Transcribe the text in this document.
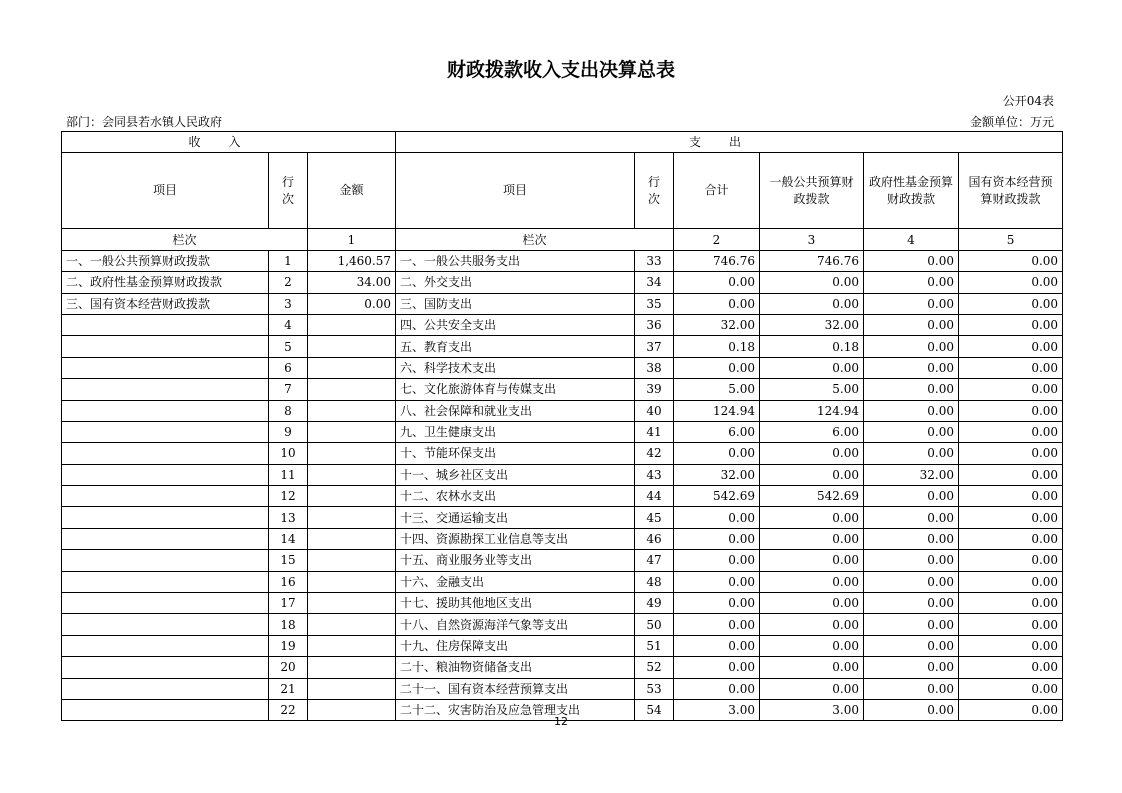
财政拨款收入支出决算总表
公开04表
部门：会同县若水镇人民政府	金额单位：万元
收入			支出					
项目	行次	金额	项目	行次	合计	一般公共预算财政拨款	政府性基金预算财政拨款	国有资本经营预算财政拨款
栏次		1	栏次		2	3	4	5
一、一般公共预算财政拨款	1	1,460.57	一、一般公共服务支出	33	746.76	746.76	0.00	0.00
二、政府性基金预算财政拨款	2	34.00	二、外交支出	34	0.00	0.00	0.00	0.00
三、国有资本经营财政拨款	3	0.00	三、国防支出	35	0.00	0.00	0.00	0.00
	4		四、公共安全支出	36	32.00	32.00	0.00	0.00
	5		五、教育支出	37	0.18	0.18	0.00	0.00
	6		六、科学技术支出	38	0.00	0.00	0.00	0.00
	7		七、文化旅游体育与传媒支出	39	5.00	5.00	0.00	0.00
	8		八、社会保障和就业支出	40	124.94	124.94	0.00	0.00
	9		九、卫生健康支出	41	6.00	6.00	0.00	0.00
	10		十、节能环保支出	42	0.00	0.00	0.00	0.00
	11		十一、城乡社区支出	43	32.00	0.00	32.00	0.00
	12		十二、农林水支出	44	542.69	542.69	0.00	0.00
	13		十三、交通运输支出	45	0.00	0.00	0.00	0.00
	14		十四、资源勘探工业信息等支出	46	0.00	0.00	0.00	0.00
	15		十五、商业服务业等支出	47	0.00	0.00	0.00	0.00
	16		十六、金融支出	48	0.00	0.00	0.00	0.00
	17		十七、援助其他地区支出	49	0.00	0.00	0.00	0.00
	18		十八、自然资源海洋气象等支出	50	0.00	0.00	0.00	0.00
	19		十九、住房保障支出	51	0.00	0.00	0.00	0.00
	20		二十、粮油物资储备支出	52	0.00	0.00	0.00	0.00
	21		二十一、国有资本经营预算支出	53	0.00	0.00	0.00	0.00
	22		二十二、灾害防治及应急管理支出	54	3.00	3.00	0.00	0.00
12
